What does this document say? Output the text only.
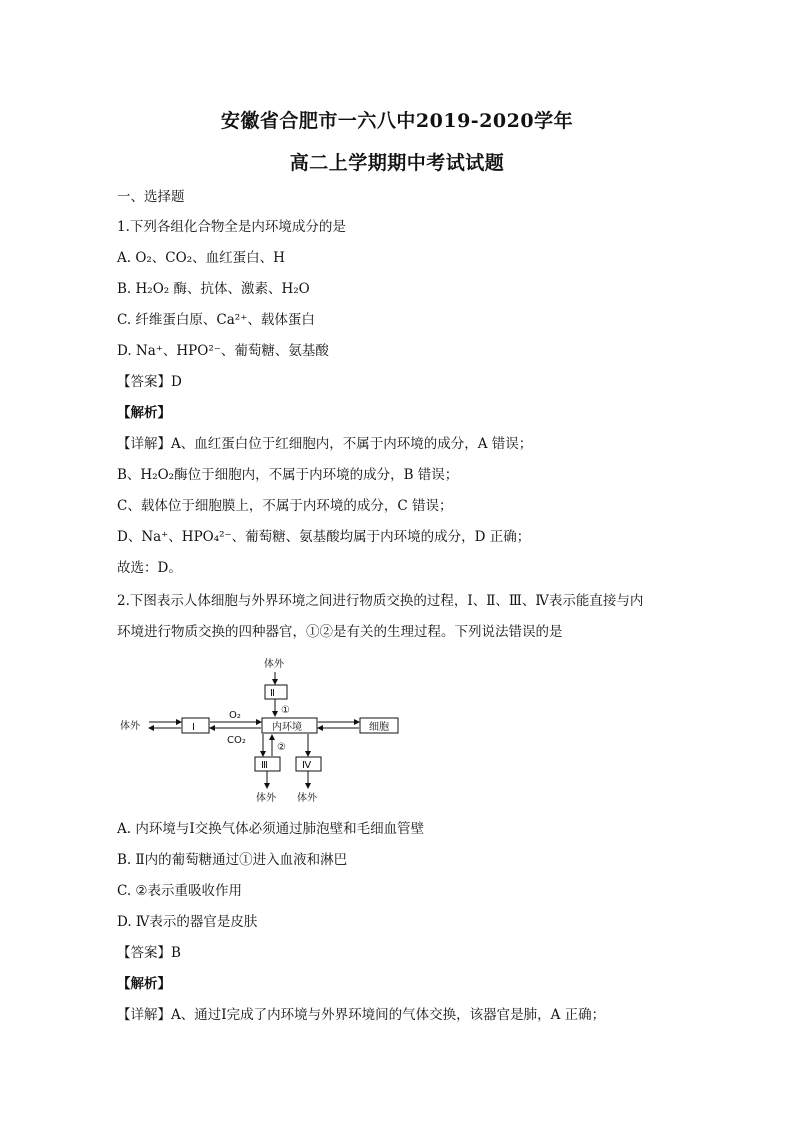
安徽省合肥市一六八中2019-2020学年
高二上学期期中考试试题
一、选择题
1.下列各组化合物全是内环境成分的是
A. O₂、CO₂、血红蛋白、H
B. H₂O₂ 酶、抗体、激素、H₂O
C. 纤维蛋白原、Ca²⁺、载体蛋白
D. Na⁺、HPO²⁻、葡萄糖、氨基酸
【答案】D
【解析】
【详解】A、血红蛋白位于红细胞内，不属于内环境的成分，A 错误；
B、H₂O₂酶位于细胞内，不属于内环境的成分，B 错误；
C、载体位于细胞膜上，不属于内环境的成分，C 错误；
D、Na⁺、HPO₄²⁻、葡萄糖、氨基酸均属于内环境的成分，D 正确；
故选：D。
2.下图表示人体细胞与外界环境之间进行物质交换的过程，Ⅰ、Ⅱ、Ⅲ、Ⅳ表示能直接与内
环境进行物质交换的四种器官，①②是有关的生理过程。下列说法错误的是
体外
Ⅱ
①
体外	Ⅰ
O₂
CO₂
内环境	细胞
②
Ⅲ	Ⅳ
体外 体外
A. 内环境与Ⅰ交换气体必须通过肺泡壁和毛细血管壁
B. Ⅱ内的葡萄糖通过①进入血液和淋巴
C. ②表示重吸收作用
D. Ⅳ表示的器官是皮肤
【答案】B
【解析】
【详解】A、通过Ⅰ完成了内环境与外界环境间的气体交换，该器官是肺，A 正确；
